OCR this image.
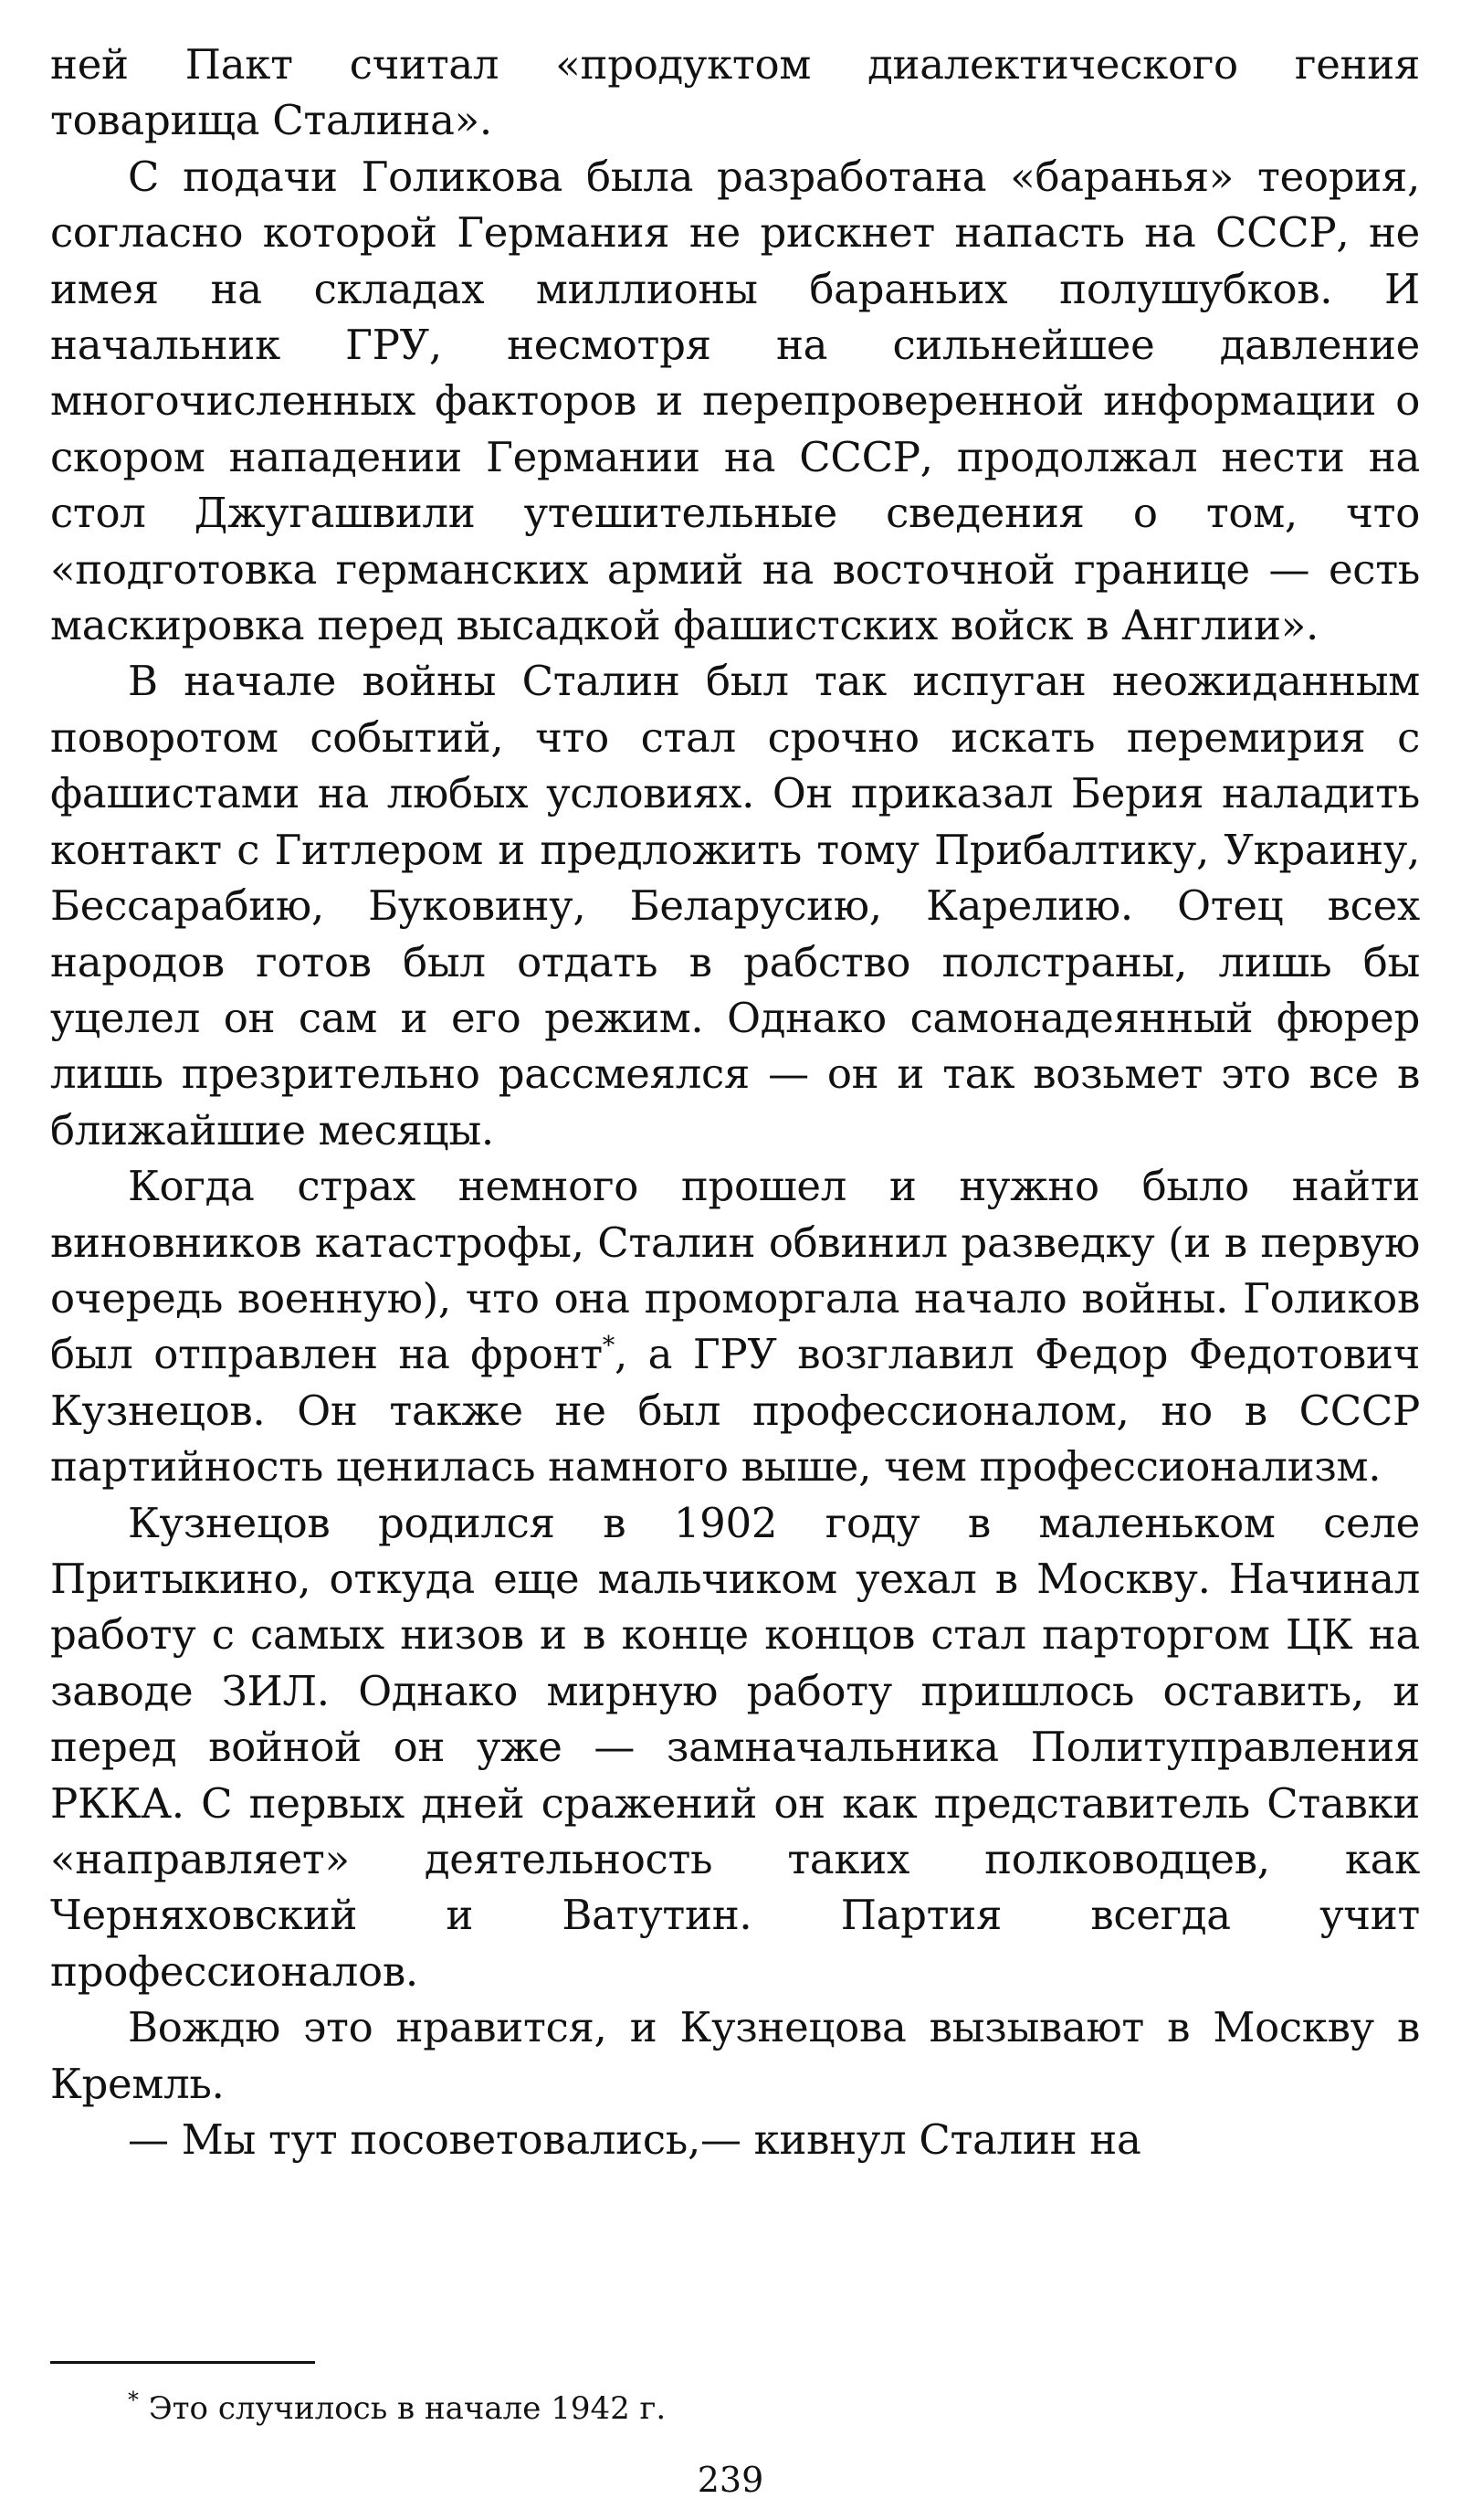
ней Пакт считал «продуктом диалектического гения товарища Сталина».

С подачи Голикова была разработана «баранья» теория, согласно которой Германия не рискнет напасть на СССР, не имея на складах миллионы бараньих полушубков. И начальник ГРУ, несмотря на сильнейшее давление многочисленных факторов и перепроверенной информации о скором нападении Германии на СССР, продолжал нести на стол Джугашвили утешительные сведения о том, что «подготовка германских армий на восточной границе — есть маскировка перед высадкой фашистских войск в Англии».

В начале войны Сталин был так испуган неожиданным поворотом событий, что стал срочно искать перемирия с фашистами на любых условиях. Он приказал Берия наладить контакт с Гитлером и предложить тому Прибалтику, Украину, Бессарабию, Буковину, Беларусию, Карелию. Отец всех народов готов был отдать в рабство полстраны, лишь бы уцелел он сам и его режим. Однако самонадеянный фюрер лишь презрительно рассмеялся — он и так возьмет это все в ближайшие месяцы.

Когда страх немного прошел и нужно было найти виновников катастрофы, Сталин обвинил разведку (и в первую очередь военную), что она проморгала начало войны. Голиков был отправлен на фронт*, а ГРУ возглавил Федор Федотович Кузнецов. Он также не был профессионалом, но в СССР партийность ценилась намного выше, чем профессионализм.

Кузнецов родился в 1902 году в маленьком селе Притыкино, откуда еще мальчиком уехал в Москву. Начинал работу с самых низов и в конце концов стал парторгом ЦК на заводе ЗИЛ. Однако мирную работу пришлось оставить, и перед войной он уже — замначальника Политуправления РККА. С первых дней сражений он как представитель Ставки «направляет» деятельность таких полководцев, как Черняховский и Ватутин. Партия всегда учит профессионалов.

Вождю это нравится, и Кузнецова вызывают в Москву в Кремль.

— Мы тут посоветовались,— кивнул Сталин на

* Это случилось в начале 1942 г.
239
